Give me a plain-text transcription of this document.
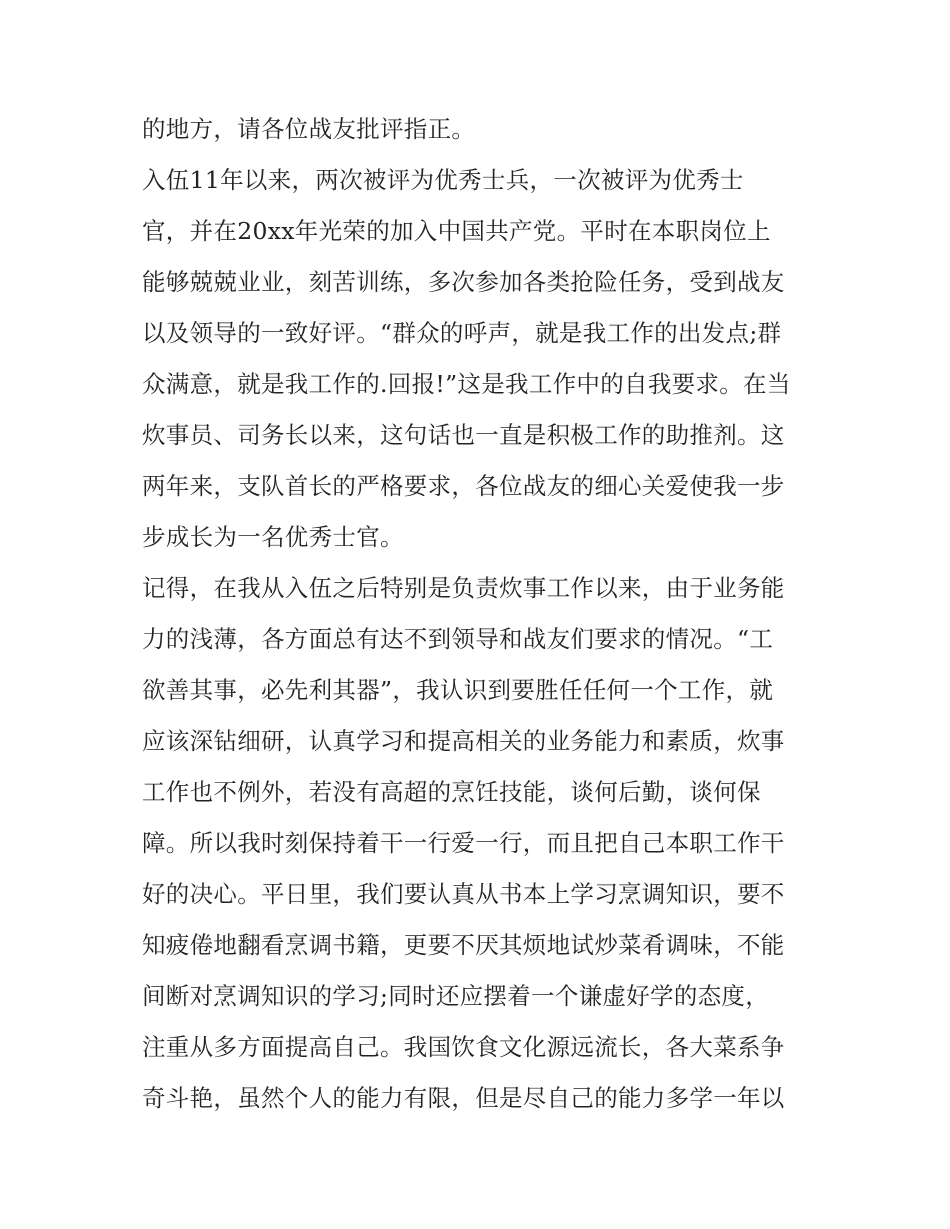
的地方，请各位战友批评指正。
入伍11年以来，两次被评为优秀士兵，一次被评为优秀士
官，并在20xx年光荣的加入中国共产党。平时在本职岗位上
能够兢兢业业，刻苦训练，多次参加各类抢险任务，受到战友
以及领导的一致好评。“群众的呼声，就是我工作的出发点;群
众满意，就是我工作的.回报!”这是我工作中的自我要求。在当
炊事员、司务长以来，这句话也一直是积极工作的助推剂。这
两年来，支队首长的严格要求，各位战友的细心关爱使我一步
步成长为一名优秀士官。
记得，在我从入伍之后特别是负责炊事工作以来，由于业务能
力的浅薄，各方面总有达不到领导和战友们要求的情况。“工
欲善其事，必先利其器”，我认识到要胜任任何一个工作，就
应该深钻细研，认真学习和提高相关的业务能力和素质，炊事
工作也不例外，若没有高超的烹饪技能，谈何后勤，谈何保
障。所以我时刻保持着干一行爱一行，而且把自己本职工作干
好的决心。平日里，我们要认真从书本上学习烹调知识，要不
知疲倦地翻看烹调书籍，更要不厌其烦地试炒菜肴调味，不能
间断对烹调知识的学习;同时还应摆着一个谦虚好学的态度，
注重从多方面提高自己。我国饮食文化源远流长，各大菜系争
奇斗艳，虽然个人的能力有限，但是尽自己的能力多学一年以
